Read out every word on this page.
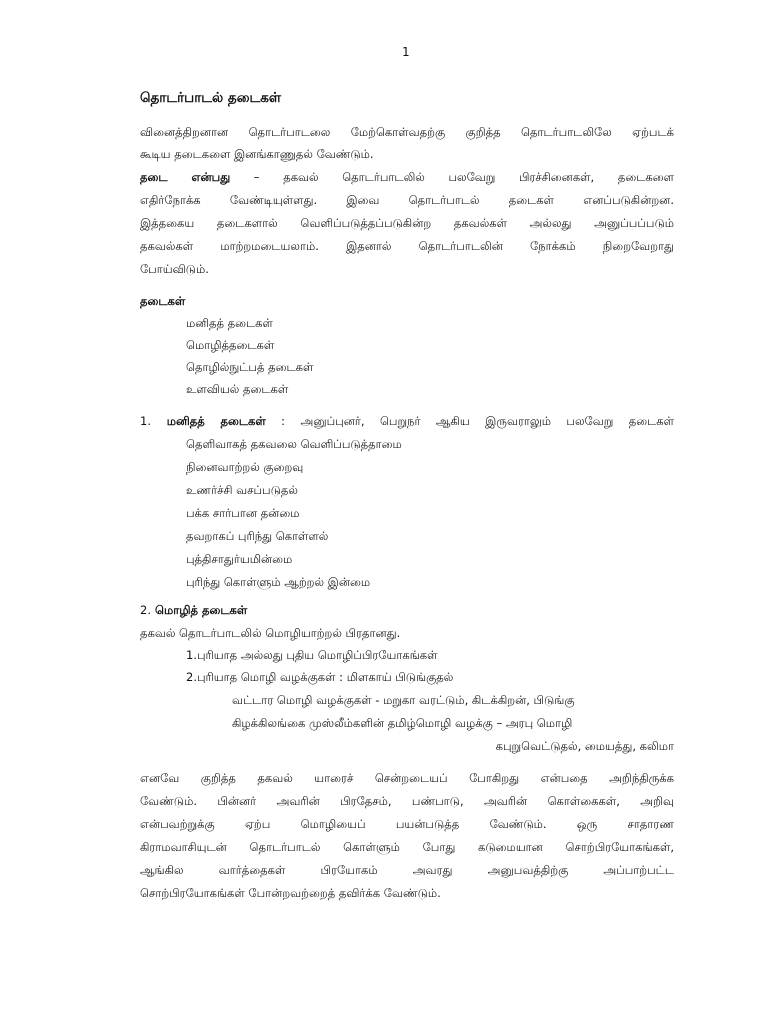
1

தொடர்பாடல் தடைகள்

வினைத்திறனான தொடர்பாடலை மேற்கொள்வதற்கு குறித்த தொடர்பாடலிலே ஏற்படக்

கூடிய தடைகளை இனங்காணுதல் வேண்டும்.

தடை என்பது – தகவல் தொடர்பாடலில் பலவேறு பிரச்சினைகள், தடைகளை

எதிர்நோக்க வேண்டியுள்ளது. இவை தொடர்பாடல் தடைகள் எனப்படுகின்றன.

இத்தகைய தடைகளால் வெளிப்படுத்தப்படுகின்ற தகவல்கள் அல்லது அனுப்பப்படும்

தகவல்கள் மாற்றமடையலாம். இதனால் தொடர்பாடலின் நோக்கம் நிறைவேறாது

போய்விடும்.

தடைகள்

மனிதத் தடைகள்

மொழித்தடைகள்

தொழில்நுட்பத் தடைகள்

உளவியல் தடைகள்

1. மனிதத் தடைகள் : அனுப்புனர், பெறுநர் ஆகிய இருவராலும் பலவேறு தடைகள்

தெளிவாகத் தகவலை வெளிப்படுத்தாமை

நினைவாற்றல் குறைவு

உணர்ச்சி வசப்படுதல்

பக்க சார்பான தன்மை

தவறாகப் புரிந்து கொள்ளல்

புத்திசாதுர்யமின்மை

புரிந்து கொள்ளும் ஆற்றல் இன்மை

2. மொழித் தடைகள்

தகவல் தொடர்பாடலில் மொழியாற்றல் பிரதானது.

1.புரியாத அல்லது புதிய மொழிப்பிரயோகங்கள்

2.புரியாத மொழி வழக்குகள் : மிளகாய் பிடுங்குதல்

வட்டார மொழி வழக்குகள் - மறுகா வரட்டும், கிடக்கிறன், பிடுங்கு

கிழக்கிலங்கை முஸ்லீம்களின் தமிழ்மொழி வழக்கு – அரபு மொழி

கபுறுவெட்டுதல், மையத்து, கலிமா

எனவே குறித்த தகவல் யாரைச் சென்றடையப் போகிறது என்பதை அறிந்திருக்க

வேண்டும். பின்னர் அவரின் பிரதேசம், பண்பாடு, அவரின் கொள்கைகள், அறிவு

என்பவற்றுக்கு ஏற்ப மொழியைப் பயன்படுத்த வேண்டும். ஒரு சாதாரண

கிராமவாசியுடன் தொடர்பாடல் கொள்ளும் போது கடுமையான சொற்பிரயோகங்கள்,

ஆங்கில வார்த்தைகள் பிரயோகம் அவரது அனுபவத்திற்கு அப்பாற்பட்ட

சொற்பிரயோகங்கள் போன்றவற்றைத் தவிர்க்க வேண்டும்.
